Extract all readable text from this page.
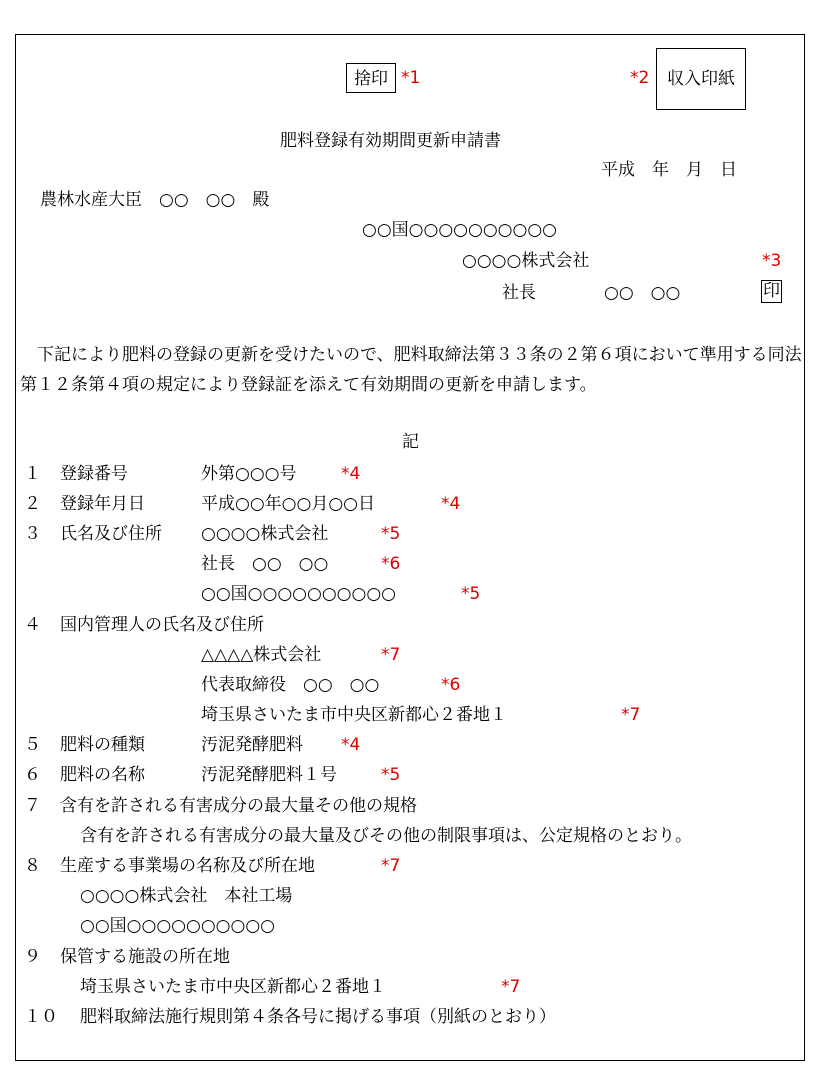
捨印 *1	*2	収入印紙
肥料登録有効期間更新申請書
平成　年　月　日
農林水産大臣　○○　○○　殿
○○国○○○○○○○○○○
○○○○株式会社	*3
社長　　　　○○　○○	印
　下記により肥料の登録の更新を受けたいので、肥料取締法第３３条の２第６項において準用する同法第１２条第４項の規定により登録証を添えて有効期間の更新を申請します。
記
１ 登録番号	外第○○○号	*4
２ 登録年月日	平成○○年○○月○○日	*4
３ 氏名及び住所 ○○○○株式会社	*5
社長　○○　○○	*6
○○国○○○○○○○○○○	*5
４ 国内管理人の氏名及び住所
△△△△株式会社	*7
代表取締役　○○　○○	*6
埼玉県さいたま市中央区新都心２番地１	*7
５ 肥料の種類	汚泥発酵肥料 *4
６ 肥料の名称	汚泥発酵肥料１号	*5
７ 含有を許される有害成分の最大量その他の規格
含有を許される有害成分の最大量及びその他の制限事項は、公定規格のとおり。
８ 生産する事業場の名称及び所在地	*7
○○○○株式会社　本社工場
○○国○○○○○○○○○○
９ 保管する施設の所在地
埼玉県さいたま市中央区新都心２番地１	*7
１０ 肥料取締法施行規則第４条各号に掲げる事項（別紙のとおり）
